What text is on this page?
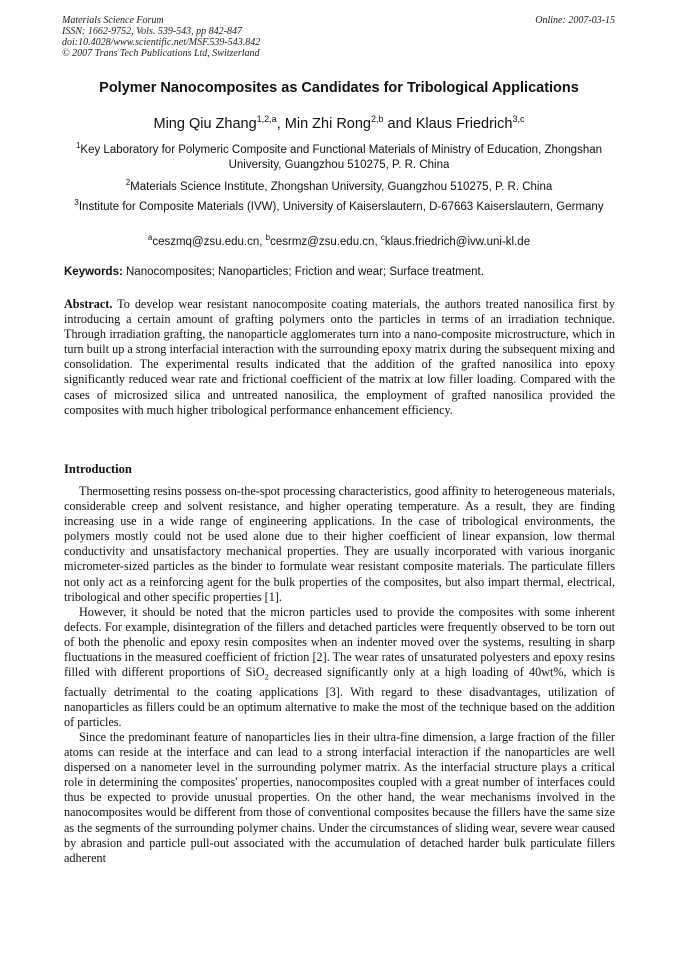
Materials Science Forum
ISSN: 1662-9752, Vols. 539-543, pp 842-847
doi:10.4028/www.scientific.net/MSF.539-543.842
© 2007 Trans Tech Publications Ltd, Switzerland
Online: 2007-03-15
Polymer Nanocomposites as Candidates for Tribological Applications
Ming Qiu Zhang$^{1,2,a}$, Min Zhi Rong$^{2,b}$ and Klaus Friedrich$^{3,c}$
$^1$Key Laboratory for Polymeric Composite and Functional Materials of Ministry of Education, Zhongshan University, Guangzhou 510275, P. R. China
$^2$Materials Science Institute, Zhongshan University, Guangzhou 510275, P. R. China
$^3$Institute for Composite Materials (IVW), University of Kaiserslautern, D-67663 Kaiserslautern, Germany
$^a$ceszmq@zsu.edu.cn, $^b$cesrmz@zsu.edu.cn, $^c$klaus.friedrich@ivw.uni-kl.de
Keywords: Nanocomposites; Nanoparticles; Friction and wear; Surface treatment.

Abstract. To develop wear resistant nanocomposite coating materials, the authors treated nanosilica first by introducing a certain amount of grafting polymers onto the particles in terms of an irradiation technique. Through irradiation grafting, the nanoparticle agglomerates turn into a nano-composite microstructure, which in turn built up a strong interfacial interaction with the surrounding epoxy matrix during the subsequent mixing and consolidation. The experimental results indicated that the addition of the grafted nanosilica into epoxy significantly reduced wear rate and frictional coefficient of the matrix at low filler loading. Compared with the cases of microsized silica and untreated nanosilica, the employment of grafted nanosilica provided the composites with much higher tribological performance enhancement efficiency.

Introduction

Thermosetting resins possess on-the-spot processing characteristics, good affinity to heterogeneous materials, considerable creep and solvent resistance, and higher operating temperature. As a result, they are finding increasing use in a wide range of engineering applications. In the case of tribological environments, the polymers mostly could not be used alone due to their higher coefficient of linear expansion, low thermal conductivity and unsatisfactory mechanical properties. They are usually incorporated with various inorganic micrometer-sized particles as the binder to formulate wear resistant composite materials. The particulate fillers not only act as a reinforcing agent for the bulk properties of the composites, but also impart thermal, electrical, tribological and other specific properties [1].

However, it should be noted that the micron particles used to provide the composites with some inherent defects. For example, disintegration of the fillers and detached particles were frequently observed to be torn out of both the phenolic and epoxy resin composites when an indenter moved over the systems, resulting in sharp fluctuations in the measured coefficient of friction [2]. The wear rates of unsaturated polyesters and epoxy resins filled with different proportions of SiO$_2$ decreased significantly only at a high loading of 40wt%, which is factually detrimental to the coating applications [3]. With regard to these disadvantages, utilization of nanoparticles as fillers could be an optimum alternative to make the most of the technique based on the addition of particles.

Since the predominant feature of nanoparticles lies in their ultra-fine dimension, a large fraction of the filler atoms can reside at the interface and can lead to a strong interfacial interaction if the nanoparticles are well dispersed on a nanometer level in the surrounding polymer matrix. As the interfacial structure plays a critical role in determining the composites' properties, nanocomposites coupled with a great number of interfaces could thus be expected to provide unusual properties. On the other hand, the wear mechanisms involved in the nanocomposites would be different from those of conventional composites because the fillers have the same size as the segments of the surrounding polymer chains. Under the circumstances of sliding wear, severe wear caused by abrasion and particle pull-out associated with the accumulation of detached harder bulk particulate fillers adherent
